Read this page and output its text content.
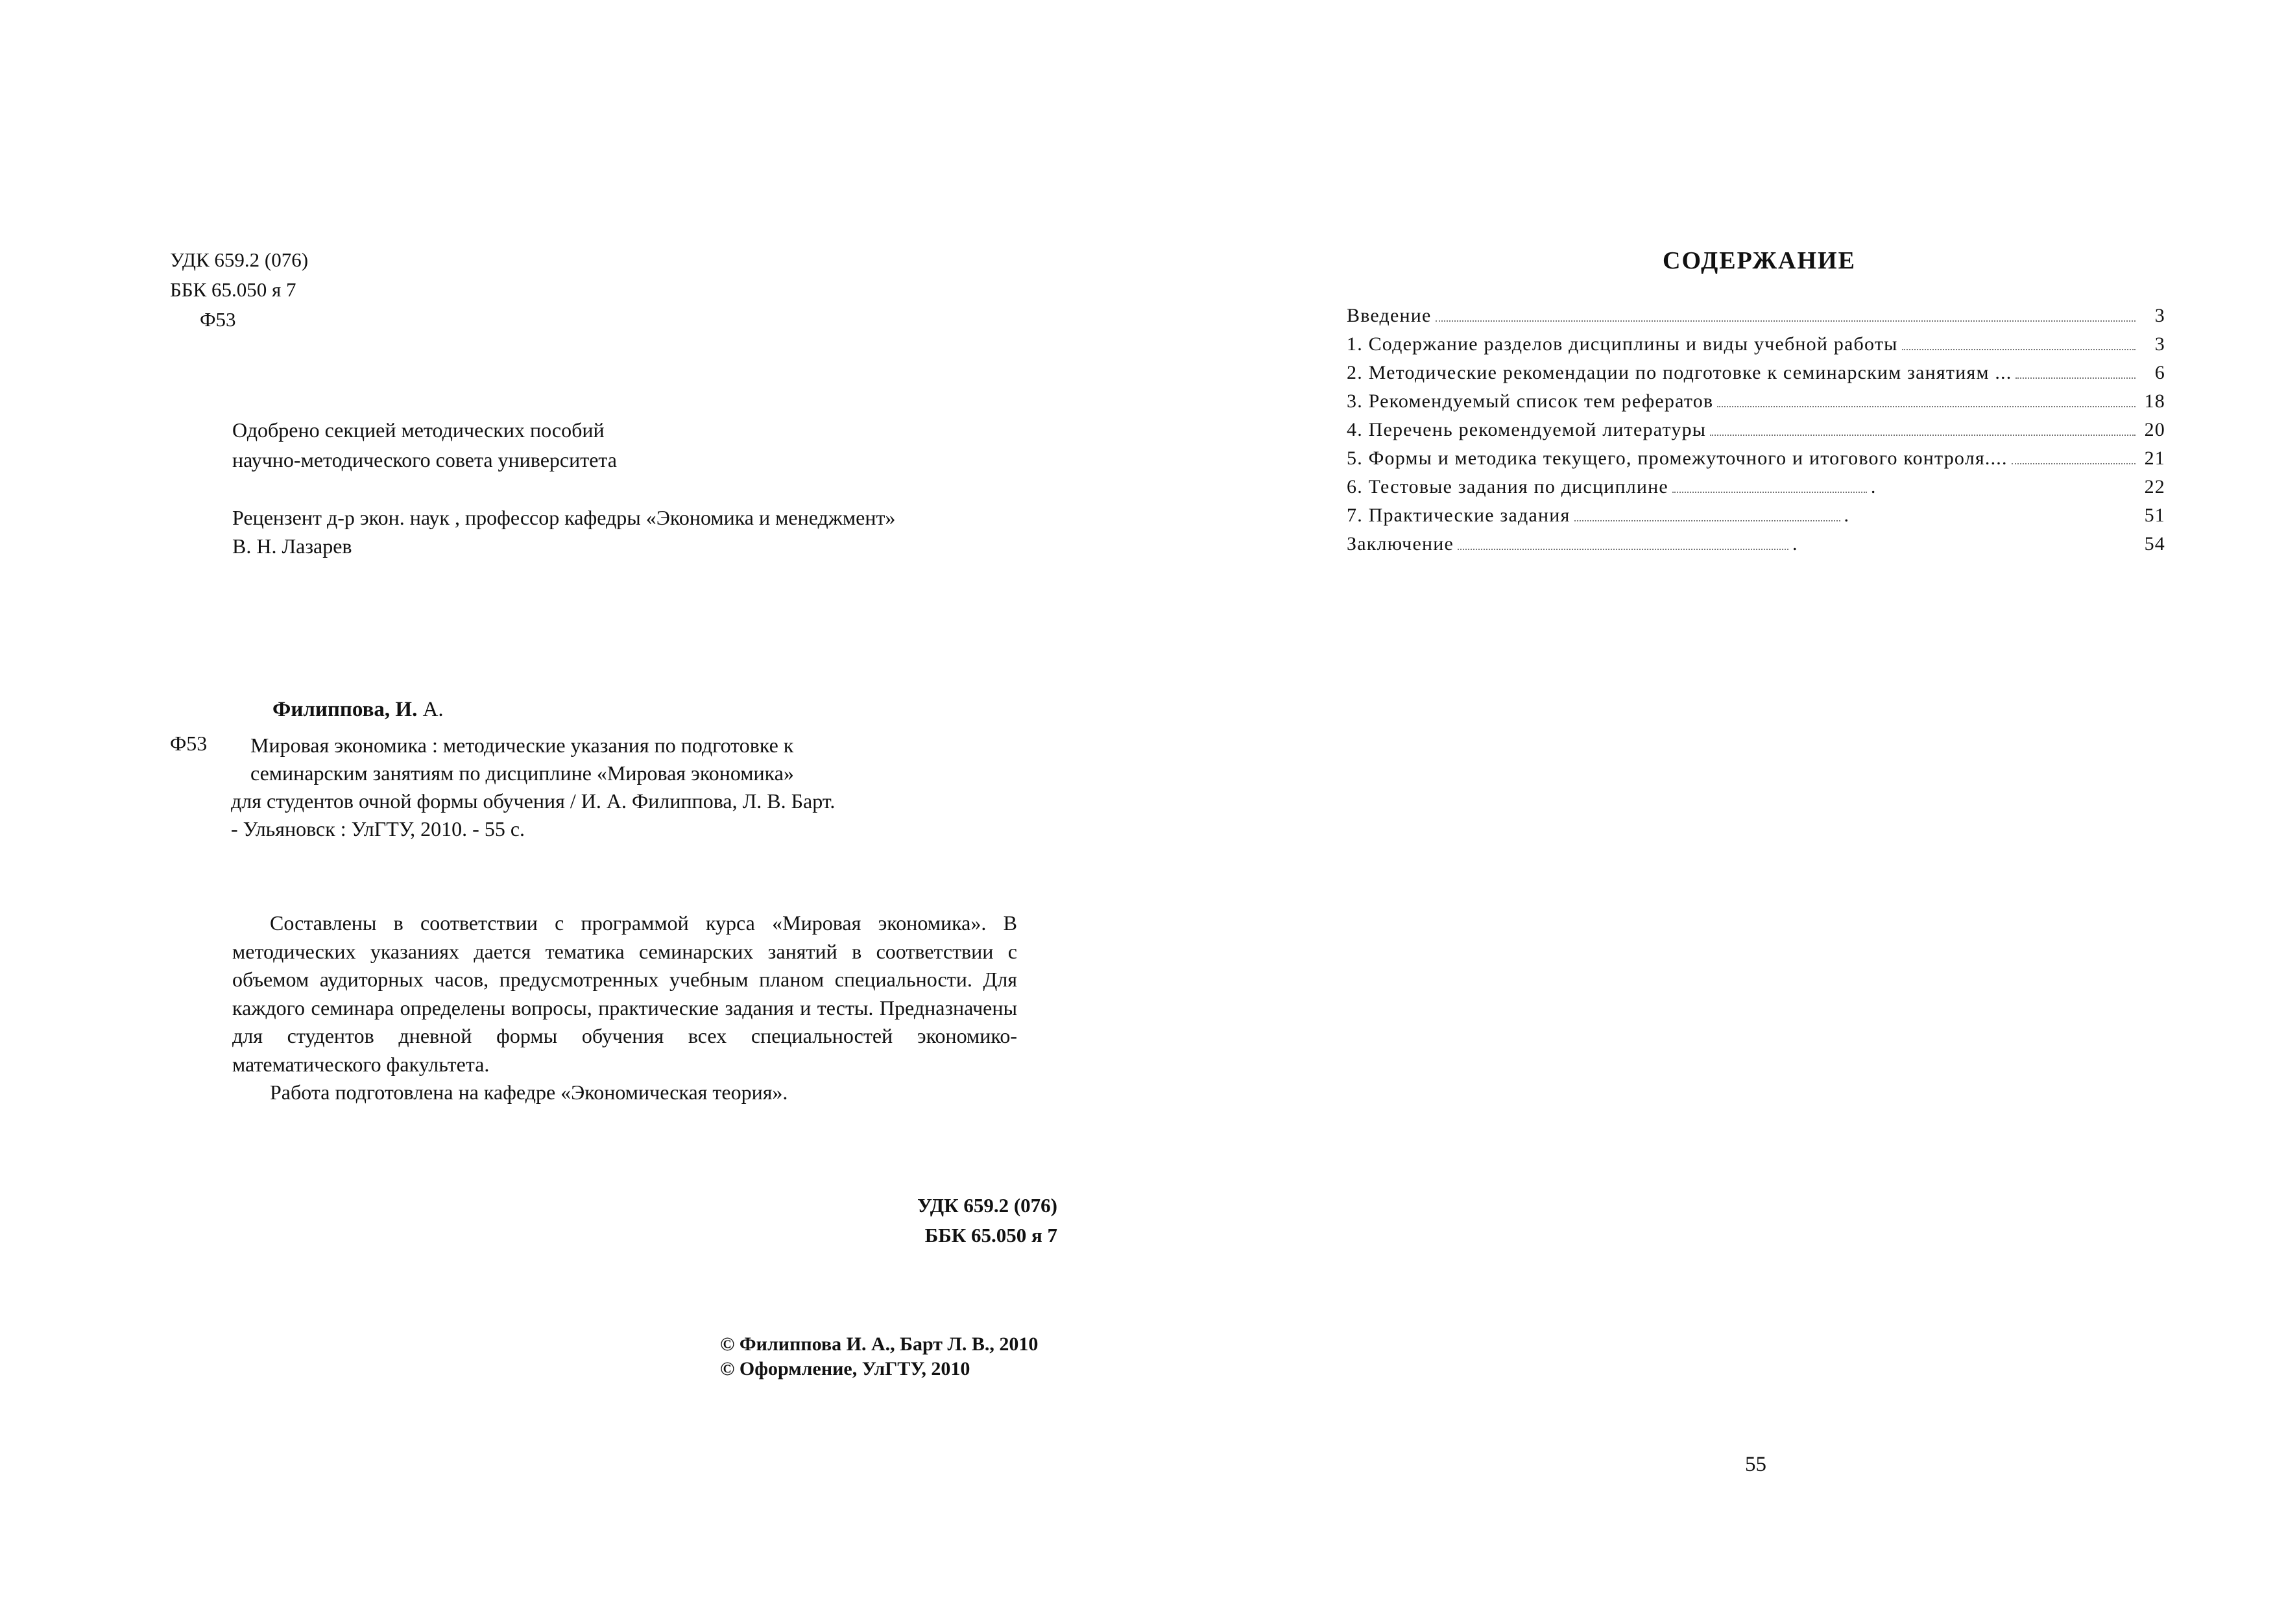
УДК 659.2 (076)
ББК 65.050 я 7
Ф53
Одобрено секцией методических пособий
научно-методического совета университета
Рецензент д-р экон. наук , профессор кафедры «Экономика и менеджмент»
В. Н. Лазарев
Филиппова, И. А.
Ф53 Мировая экономика : методические указания по подготовке к
семинарским занятиям по дисциплине «Мировая экономика»
для студентов очной формы обучения / И. А. Филиппова, Л. В. Барт.
- Ульяновск : УлГТУ, 2010. - 55 с.

Составлены в соответствии с программой курса «Мировая экономика». В методических указаниях дается тематика семинарских занятий в соответствии с объемом аудиторных часов, предусмотренных учебным планом специальности. Для каждого семинара определены вопросы, практические задания и тесты. Предназначены для студентов дневной формы обучения всех специальностей экономико-математического факультета.

Работа подготовлена на кафедре «Экономическая теория».

УДК 659.2 (076)
ББК 65.050 я 7
© Филиппова И. А., Барт Л. В., 2010
© Оформление, УлГТУ, 2010
СОДЕРЖАНИЕ
Введение	3
1. Содержание разделов дисциплины и виды учебной работы	3
2. Методические рекомендации по подготовке к семинарским занятиям ...	6
3. Рекомендуемый список тем рефератов	18
4. Перечень рекомендуемой литературы	20
5. Формы и методика текущего, промежуточного и итогового контроля....	21
6. Тестовые задания по дисциплине	.	22
7. Практические задания	.	51
Заключение	.	54
55
